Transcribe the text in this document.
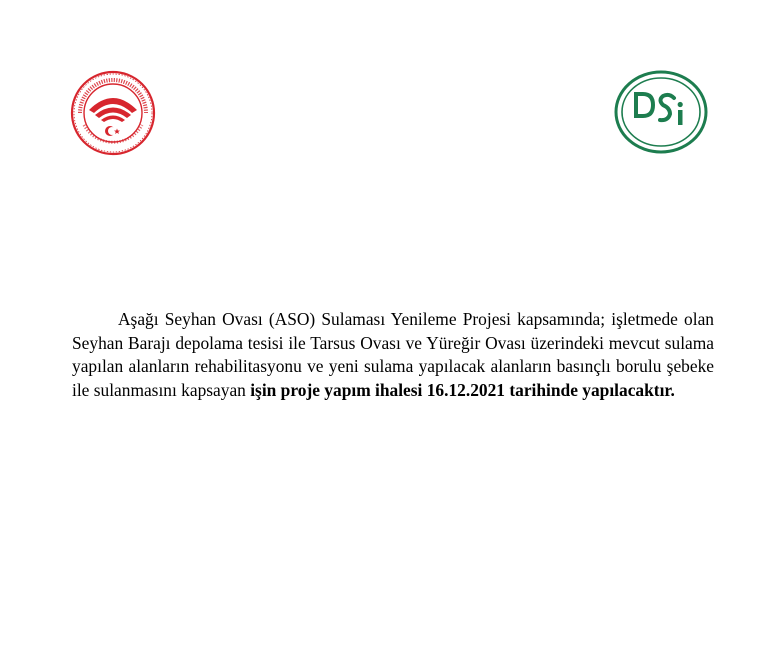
Aşağı Seyhan Ovası (ASO) Sulaması Yenileme Projesi kapsamında; işletmede olan Seyhan Barajı depolama tesisi ile Tarsus Ovası ve Yüreğir Ovası üzerindeki mevcut sulama yapılan alanların rehabilitasyonu ve yeni sulama yapılacak alanların basınçlı borulu şebeke ile sulanmasını kapsayan işin proje yapım ihalesi 16.12.2021 tarihinde yapılacaktır.
